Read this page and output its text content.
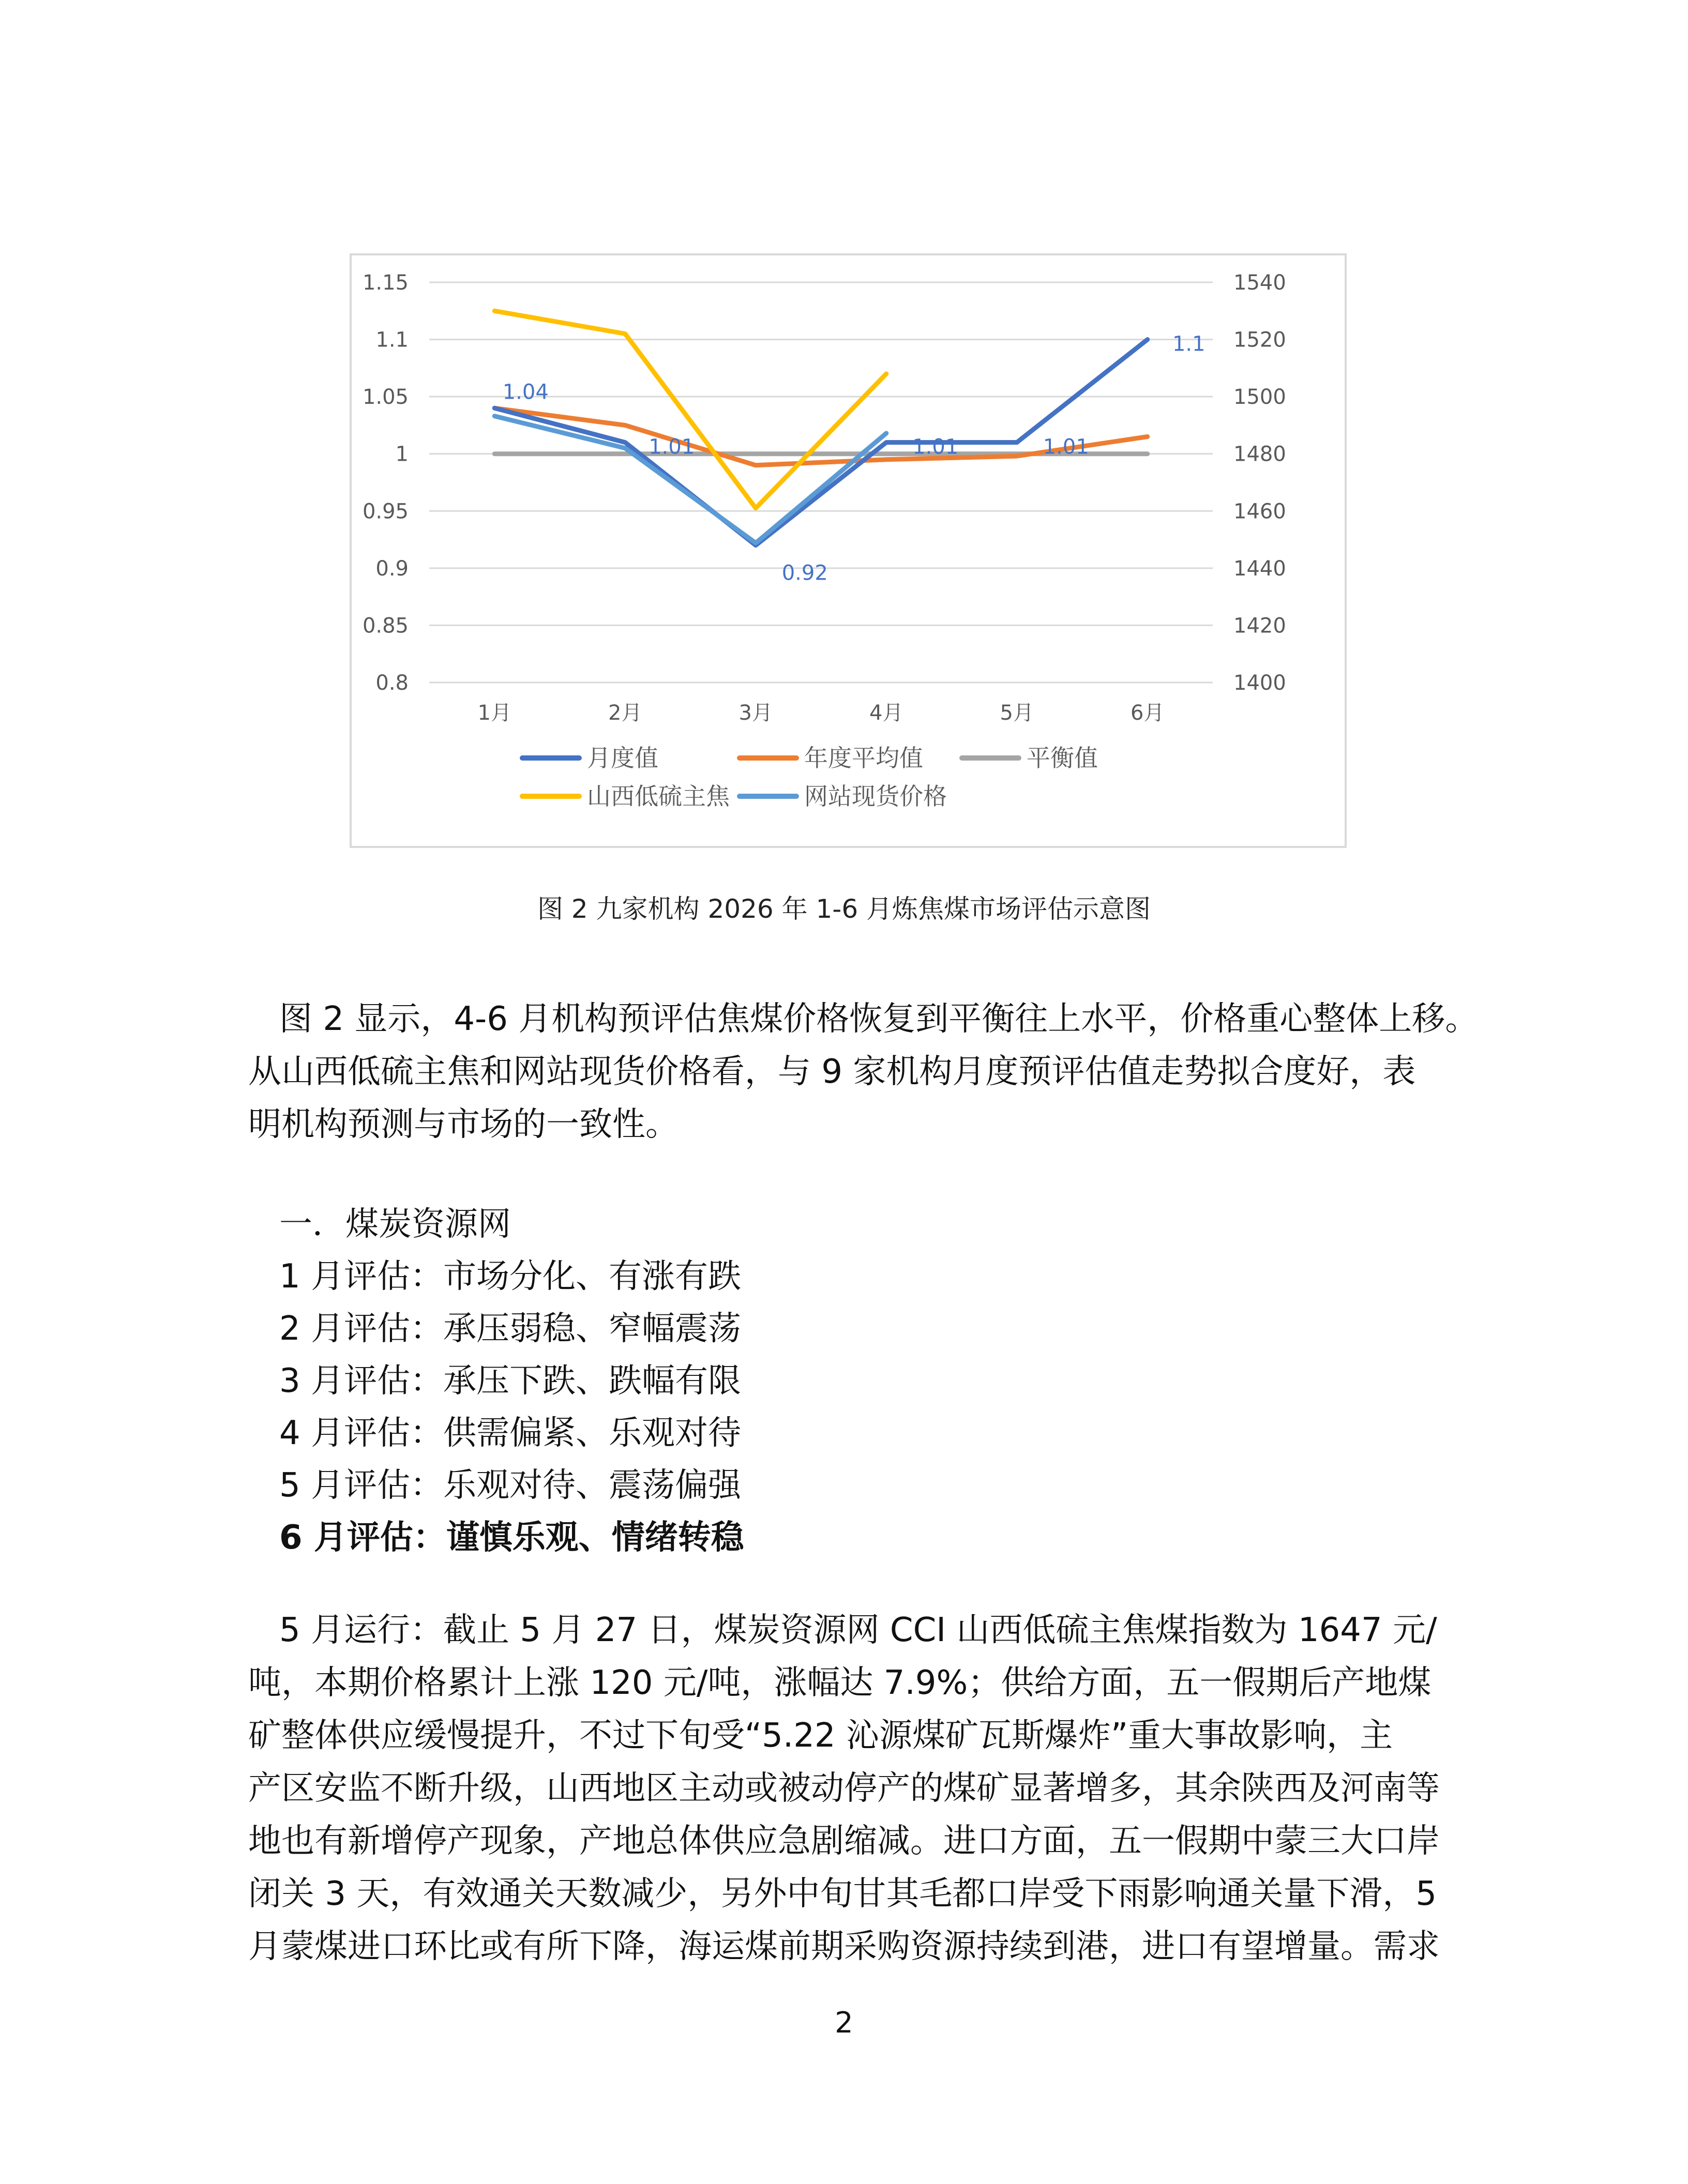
1.15	1540
1.1	1520
1.05	1500
1	1480
0.95	1460
0.9	1440
0.85	1420
0.8	1400
1月	2月	3月	4月	5月	6月
1.04
1.01
0.92
1.01	1.01
1.1
月度值	年度平均值	平衡值
山西低硫主焦	网站现货价格
图 2 九家机构 2026 年 1-6 月炼焦煤市场评估示意图
图 2 显示，4-6 月机构预评估焦煤价格恢复到平衡往上水平，价格重心整体上移。
从山西低硫主焦和网站现货价格看，与 9 家机构月度预评估值走势拟合度好，表
明机构预测与市场的一致性。
一．煤炭资源网
1 月评估：市场分化、有涨有跌
2 月评估：承压弱稳、窄幅震荡
3 月评估：承压下跌、跌幅有限
4 月评估：供需偏紧、乐观对待
5 月评估：乐观对待、震荡偏强
6 月评估：谨慎乐观、情绪转稳
5 月运行：截止 5 月 27 日，煤炭资源网 CCI 山西低硫主焦煤指数为 1647 元/
吨，本期价格累计上涨 120 元/吨，涨幅达 7.9%；供给方面，五一假期后产地煤
矿整体供应缓慢提升，不过下旬受“5.22 沁源煤矿瓦斯爆炸”重大事故影响，主
产区安监不断升级，山西地区主动或被动停产的煤矿显著增多，其余陕西及河南等
地也有新增停产现象，产地总体供应急剧缩减。进口方面，五一假期中蒙三大口岸
闭关 3 天，有效通关天数减少，另外中旬甘其毛都口岸受下雨影响通关量下滑，5
月蒙煤进口环比或有所下降，海运煤前期采购资源持续到港，进口有望增量。需求
2
